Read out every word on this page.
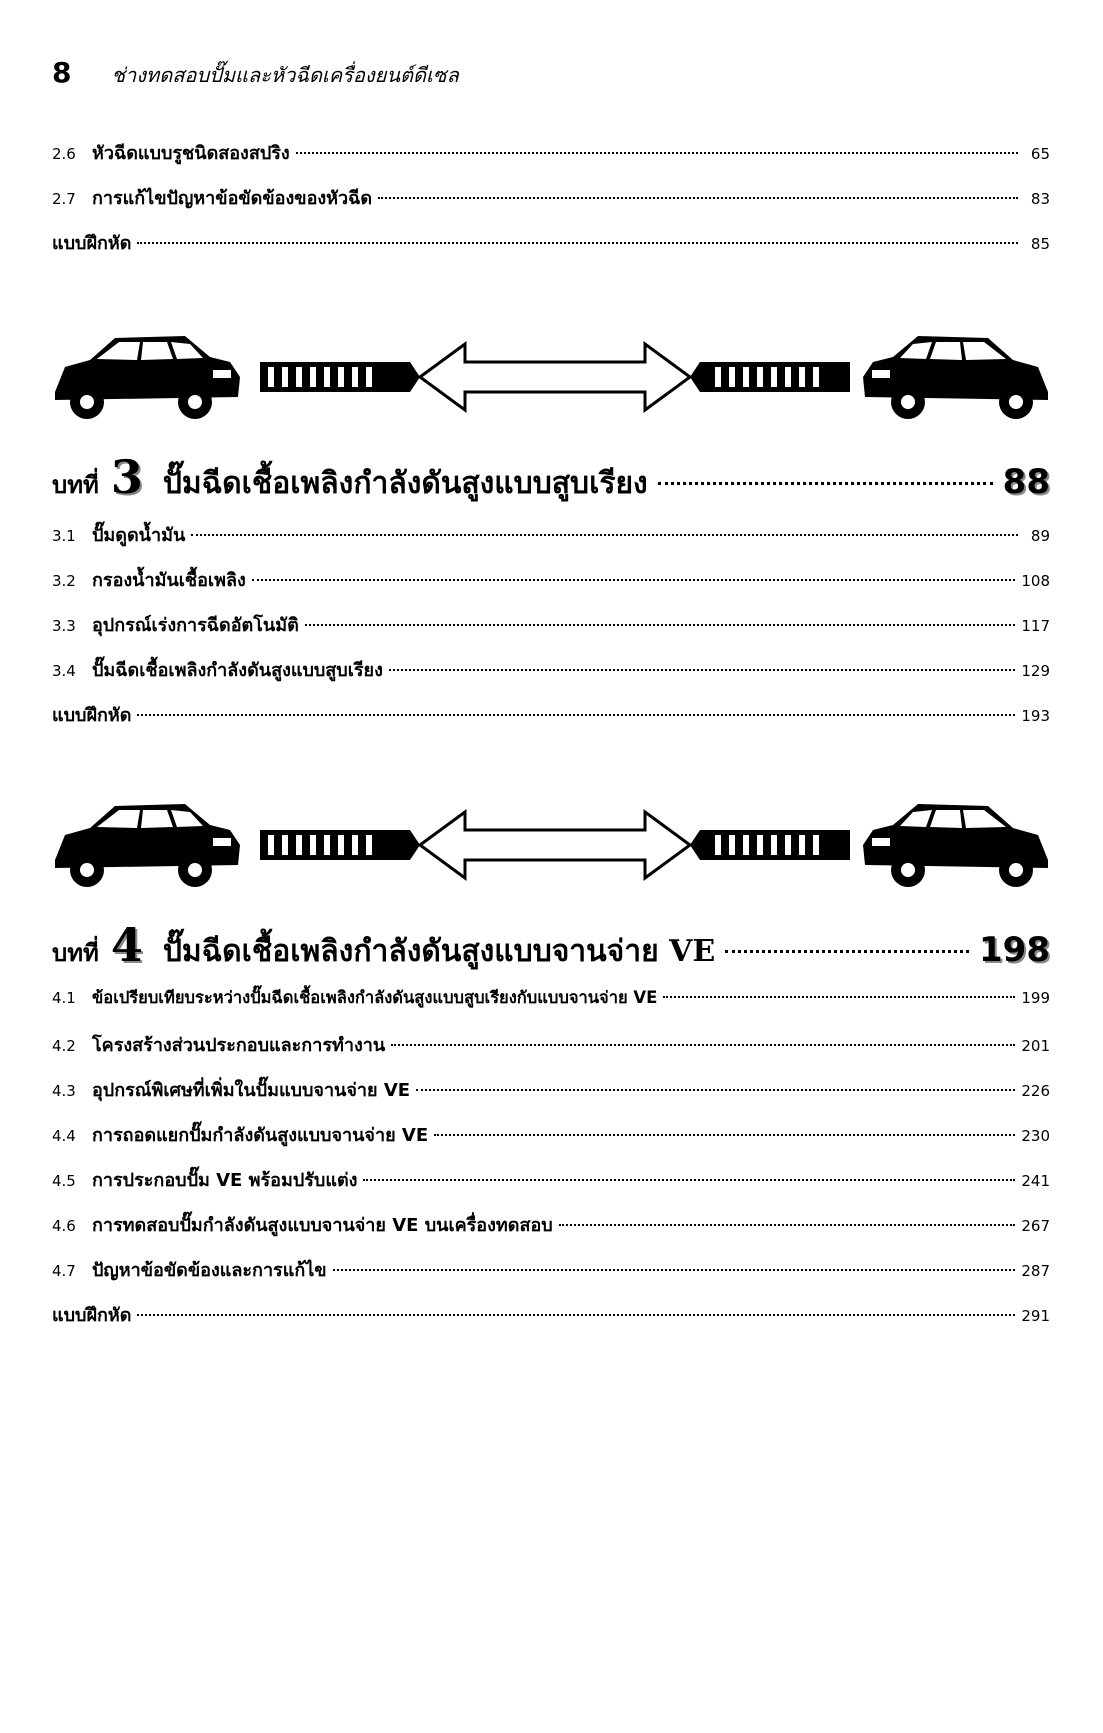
8 ช่างทดสอบปั๊มและหัวฉีดเครื่องยนต์ดีเซล
2.6 หัวฉีดแบบรูชนิดสองสปริง	65
2.7 การแก้ไขปัญหาข้อขัดข้องของหัวฉีด	83
แบบฝึกหัด	85
บทที่ 3 ปั๊มฉีดเชื้อเพลิงกำลังดันสูงแบบสูบเรียง	88
3.1 ปั๊มดูดน้ำมัน	89
3.2 กรองน้ำมันเชื้อเพลิง	108
3.3 อุปกรณ์เร่งการฉีดอัตโนมัติ	117
3.4 ปั๊มฉีดเชื้อเพลิงกำลังดันสูงแบบสูบเรียง	129
แบบฝึกหัด	193
บทที่ 4 ปั๊มฉีดเชื้อเพลิงกำลังดันสูงแบบจานจ่าย VE	198
4.1 ข้อเปรียบเทียบระหว่างปั๊มฉีดเชื้อเพลิงกำลังดันสูงแบบสูบเรียงกับแบบจานจ่าย VE	199
4.2 โครงสร้างส่วนประกอบและการทำงาน	201
4.3 อุปกรณ์พิเศษที่เพิ่มในปั๊มแบบจานจ่าย VE	226
4.4 การถอดแยกปั๊มกำลังดันสูงแบบจานจ่าย VE	230
4.5 การประกอบปั๊ม VE พร้อมปรับแต่ง	241
4.6 การทดสอบปั๊มกำลังดันสูงแบบจานจ่าย VE บนเครื่องทดสอบ	267
4.7 ปัญหาข้อขัดข้องและการแก้ไข	287
แบบฝึกหัด	291
